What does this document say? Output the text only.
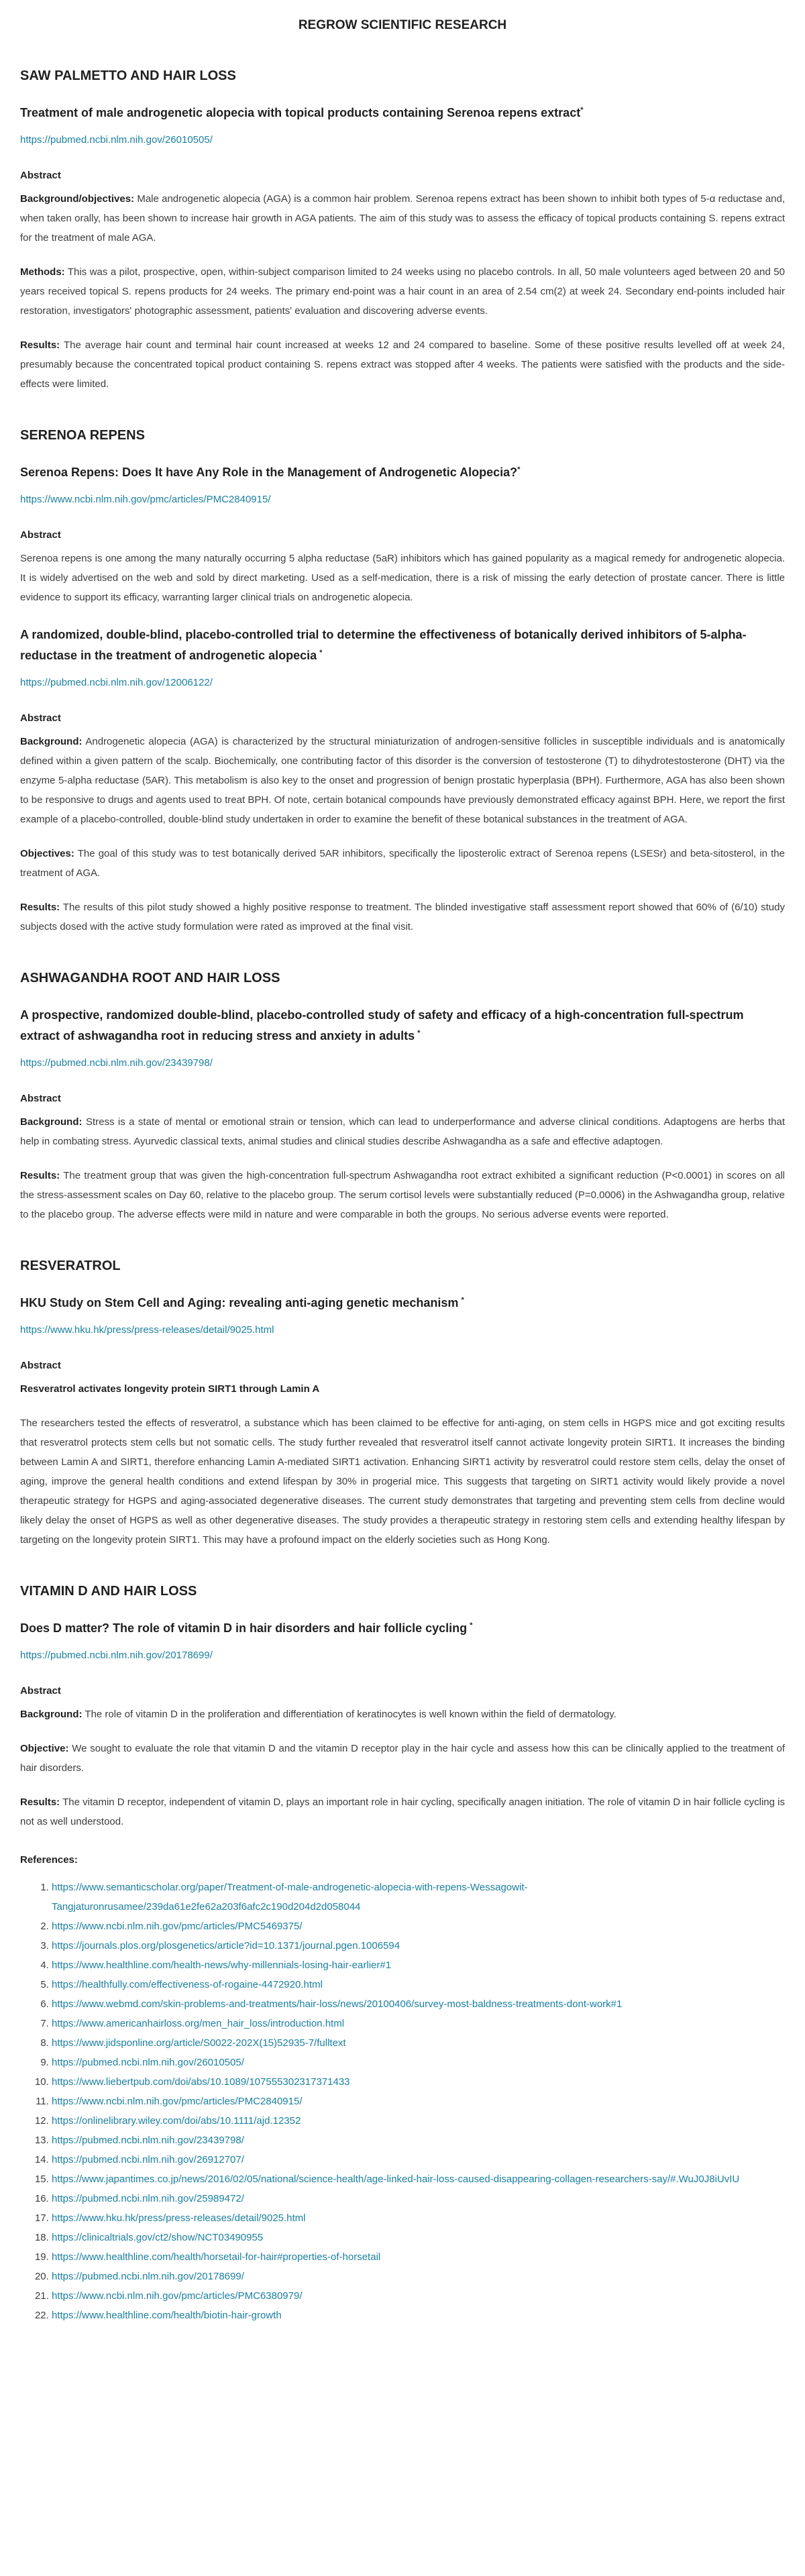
REGROW SCIENTIFIC RESEARCH
SAW PALMETTO AND HAIR LOSS
Treatment of male androgenetic alopecia with topical products containing Serenoa repens extract*
https://pubmed.ncbi.nlm.nih.gov/26010505/

Abstract

Background/objectives: Male androgenetic alopecia (AGA) is a common hair problem. Serenoa repens extract has been shown to inhibit both types of 5-α reductase and, when taken orally, has been shown to increase hair growth in AGA patients. The aim of this study was to assess the efficacy of topical products containing S. repens extract for the treatment of male AGA.

Methods: This was a pilot, prospective, open, within-subject comparison limited to 24 weeks using no placebo controls. In all, 50 male volunteers aged between 20 and 50 years received topical S. repens products for 24 weeks. The primary end-point was a hair count in an area of 2.54 cm(2) at week 24. Secondary end-points included hair restoration, investigators' photographic assessment, patients' evaluation and discovering adverse events.

Results: The average hair count and terminal hair count increased at weeks 12 and 24 compared to baseline. Some of these positive results levelled off at week 24, presumably because the concentrated topical product containing S. repens extract was stopped after 4 weeks. The patients were satisfied with the products and the side-effects were limited.

SERENOA REPENS
Serenoa Repens: Does It have Any Role in the Management of Androgenetic Alopecia?*
https://www.ncbi.nlm.nih.gov/pmc/articles/PMC2840915/

Abstract

Serenoa repens is one among the many naturally occurring 5 alpha reductase (5aR) inhibitors which has gained popularity as a magical remedy for androgenetic alopecia. It is widely advertised on the web and sold by direct marketing. Used as a self-medication, there is a risk of missing the early detection of prostate cancer. There is little evidence to support its efficacy, warranting larger clinical trials on androgenetic alopecia.

A randomized, double-blind, placebo-controlled trial to determine the effectiveness of botanically derived inhibitors of 5-alpha-reductase in the treatment of androgenetic alopecia *
https://pubmed.ncbi.nlm.nih.gov/12006122/

Abstract

Background: Androgenetic alopecia (AGA) is characterized by the structural miniaturization of androgen-sensitive follicles in susceptible individuals and is anatomically defined within a given pattern of the scalp. Biochemically, one contributing factor of this disorder is the conversion of testosterone (T) to dihydrotestosterone (DHT) via the enzyme 5-alpha reductase (5AR). This metabolism is also key to the onset and progression of benign prostatic hyperplasia (BPH). Furthermore, AGA has also been shown to be responsive to drugs and agents used to treat BPH. Of note, certain botanical compounds have previously demonstrated efficacy against BPH. Here, we report the first example of a placebo-controlled, double-blind study undertaken in order to examine the benefit of these botanical substances in the treatment of AGA.

Objectives: The goal of this study was to test botanically derived 5AR inhibitors, specifically the liposterolic extract of Serenoa repens (LSESr) and beta-sitosterol, in the treatment of AGA.

Results: The results of this pilot study showed a highly positive response to treatment. The blinded investigative staff assessment report showed that 60% of (6/10) study subjects dosed with the active study formulation were rated as improved at the final visit.

ASHWAGANDHA ROOT AND HAIR LOSS
A prospective, randomized double-blind, placebo-controlled study of safety and efficacy of a high-concentration full-spectrum extract of ashwagandha root in reducing stress and anxiety in adults *
https://pubmed.ncbi.nlm.nih.gov/23439798/

Abstract

Background: Stress is a state of mental or emotional strain or tension, which can lead to underperformance and adverse clinical conditions. Adaptogens are herbs that help in combating stress. Ayurvedic classical texts, animal studies and clinical studies describe Ashwagandha as a safe and effective adaptogen.

Results: The treatment group that was given the high-concentration full-spectrum Ashwagandha root extract exhibited a significant reduction (P<0.0001) in scores on all the stress-assessment scales on Day 60, relative to the placebo group. The serum cortisol levels were substantially reduced (P=0.0006) in the Ashwagandha group, relative to the placebo group. The adverse effects were mild in nature and were comparable in both the groups. No serious adverse events were reported.

RESVERATROL
HKU Study on Stem Cell and Aging: revealing anti-aging genetic mechanism *
https://www.hku.hk/press/press-releases/detail/9025.html

Abstract

Resveratrol activates longevity protein SIRT1 through Lamin A

The researchers tested the effects of resveratrol, a substance which has been claimed to be effective for anti-aging, on stem cells in HGPS mice and got exciting results that resveratrol protects stem cells but not somatic cells. The study further revealed that resveratrol itself cannot activate longevity protein SIRT1. It increases the binding between Lamin A and SIRT1, therefore enhancing Lamin A-mediated SIRT1 activation. Enhancing SIRT1 activity by resveratrol could restore stem cells, delay the onset of aging, improve the general health conditions and extend lifespan by 30% in progerial mice. This suggests that targeting on SIRT1 activity would likely provide a novel therapeutic strategy for HGPS and aging-associated degenerative diseases. The current study demonstrates that targeting and preventing stem cells from decline would likely delay the onset of HGPS as well as other degenerative diseases. The study provides a therapeutic strategy in restoring stem cells and extending healthy lifespan by targeting on the longevity protein SIRT1. This may have a profound impact on the elderly societies such as Hong Kong.

VITAMIN D AND HAIR LOSS
Does D matter? The role of vitamin D in hair disorders and hair follicle cycling *
https://pubmed.ncbi.nlm.nih.gov/20178699/

Abstract

Background: The role of vitamin D in the proliferation and differentiation of keratinocytes is well known within the field of dermatology.

Objective: We sought to evaluate the role that vitamin D and the vitamin D receptor play in the hair cycle and assess how this can be clinically applied to the treatment of hair disorders.

Results: The vitamin D receptor, independent of vitamin D, plays an important role in hair cycling, specifically anagen initiation. The role of vitamin D in hair follicle cycling is not as well understood.

References:

1. https://www.semanticscholar.org/paper/Treatment-of-male-androgenetic-alopecia-with-repens-Wessagowit-Tangjaturonrusamee/239da61e2fe62a203f6afc2c190d204d2d058044
2. https://www.ncbi.nlm.nih.gov/pmc/articles/PMC5469375/
3. https://journals.plos.org/plosgenetics/article?id=10.1371/journal.pgen.1006594
4. https://www.healthline.com/health-news/why-millennials-losing-hair-earlier#1
5. https://healthfully.com/effectiveness-of-rogaine-4472920.html
6. https://www.webmd.com/skin-problems-and-treatments/hair-loss/news/20100406/survey-most-baldness-treatments-dont-work#1
7. https://www.americanhairloss.org/men_hair_loss/introduction.html
8. https://www.jidsponline.org/article/S0022-202X(15)52935-7/fulltext
9. https://pubmed.ncbi.nlm.nih.gov/26010505/
10. https://www.liebertpub.com/doi/abs/10.1089/107555302317371433
11. https://www.ncbi.nlm.nih.gov/pmc/articles/PMC2840915/
12. https://onlinelibrary.wiley.com/doi/abs/10.1111/ajd.12352
13. https://pubmed.ncbi.nlm.nih.gov/23439798/
14. https://pubmed.ncbi.nlm.nih.gov/26912707/
15. https://www.japantimes.co.jp/news/2016/02/05/national/science-health/age-linked-hair-loss-caused-disappearing-collagen-researchers-say/#.WuJ0J8iUvIU
16. https://pubmed.ncbi.nlm.nih.gov/25989472/
17. https://www.hku.hk/press/press-releases/detail/9025.html
18. https://clinicaltrials.gov/ct2/show/NCT03490955
19. https://www.healthline.com/health/horsetail-for-hair#properties-of-horsetail
20. https://pubmed.ncbi.nlm.nih.gov/20178699/
21. https://www.ncbi.nlm.nih.gov/pmc/articles/PMC6380979/
22. https://www.healthline.com/health/biotin-hair-growth
